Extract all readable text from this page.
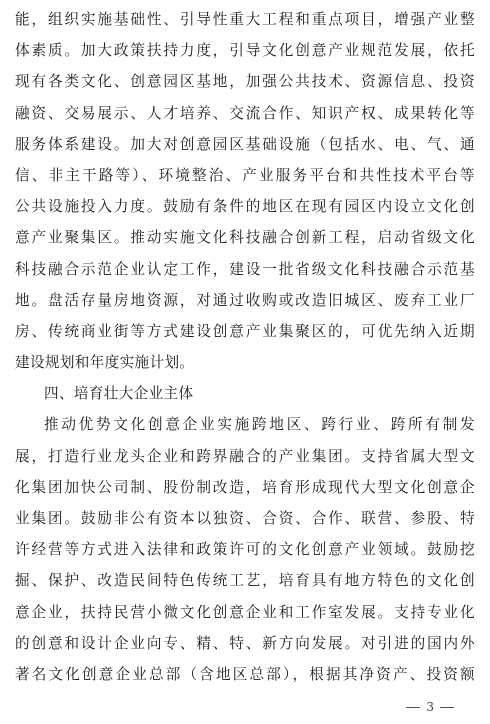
能，组织实施基础性、引导性重大工程和重点项目，增强产业整
体素质。加大政策扶持力度，引导文化创意产业规范发展，依托
现有各类文化、创意园区基地，加强公共技术、资源信息、投资
融资、交易展示、人才培养、交流合作、知识产权、成果转化等
服务体系建设。加大对创意园区基础设施（包括水、电、气、通
信、非主干路等）、环境整治、产业服务平台和共性技术平台等
公共设施投入力度。鼓励有条件的地区在现有园区内设立文化创
意产业聚集区。推动实施文化科技融合创新工程，启动省级文化
科技融合示范企业认定工作，建设一批省级文化科技融合示范基
地。盘活存量房地资源，对通过收购或改造旧城区、废弃工业厂
房、传统商业街等方式建设创意产业集聚区的，可优先纳入近期
建设规划和年度实施计划。
四、培育壮大企业主体
推动优势文化创意企业实施跨地区、跨行业、跨所有制发
展，打造行业龙头企业和跨界融合的产业集团。支持省属大型文
化集团加快公司制、股份制改造，培育形成现代大型文化创意企
业集团。鼓励非公有资本以独资、合资、合作、联营、参股、特
许经营等方式进入法律和政策许可的文化创意产业领域。鼓励挖
掘、保护、改造民间特色传统工艺，培育具有地方特色的文化创
意企业，扶持民营小微文化创意企业和工作室发展。支持专业化
的创意和设计企业向专、精、特、新方向发展。对引进的国内外
著名文化创意企业总部（含地区总部），根据其净资产、投资额
3
